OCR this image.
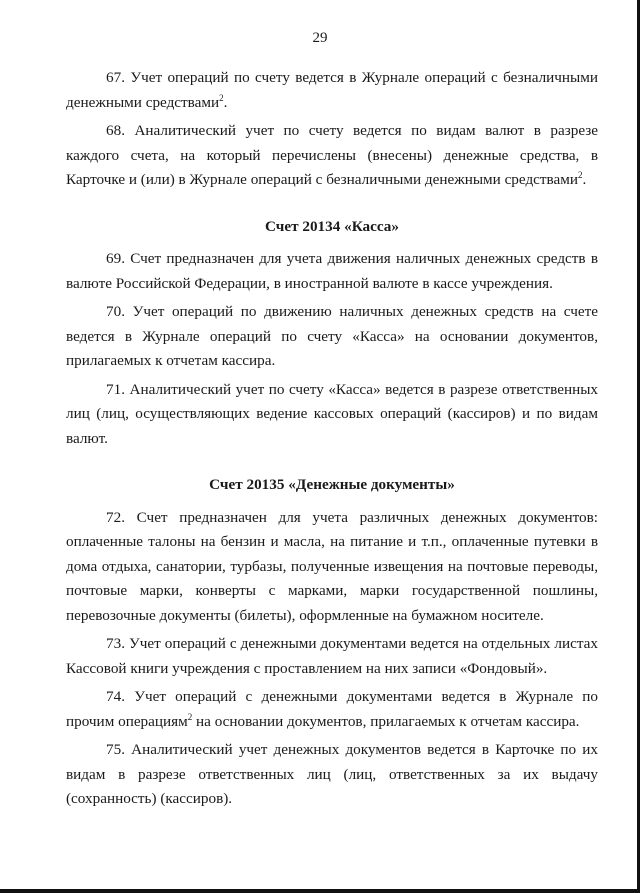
29

67. Учет операций по счету ведется в Журнале операций с безналичными денежными средствами$^2$.

68. Аналитический учет по счету ведется по видам валют в разрезе каждого счета, на который перечислены (внесены) денежные средства, в Карточке и (или) в Журнале операций с безналичными денежными средствами$^2$.

Счет 20134 «Касса»

69. Счет предназначен для учета движения наличных денежных средств в валюте Российской Федерации, в иностранной валюте в кассе учреждения.

70. Учет операций по движению наличных денежных средств на счете ведется в Журнале операций по счету «Касса» на основании документов, прилагаемых к отчетам кассира.

71. Аналитический учет по счету «Касса» ведется в разрезе ответственных лиц (лиц, осуществляющих ведение кассовых операций (кассиров) и по видам валют.

Счет 20135 «Денежные документы»

72. Счет предназначен для учета различных денежных документов: оплаченные талоны на бензин и масла, на питание и т.п., оплаченные путевки в дома отдыха, санатории, турбазы, полученные извещения на почтовые переводы, почтовые марки, конверты с марками, марки государственной пошлины, перевозочные документы (билеты), оформленные на бумажном носителе.

73. Учет операций с денежными документами ведется на отдельных листах Кассовой книги учреждения с проставлением на них записи «Фондовый».

74. Учет операций с денежными документами ведется в Журнале по прочим операциям$^2$ на основании документов, прилагаемых к отчетам кассира.

75. Аналитический учет денежных документов ведется в Карточке по их видам в разрезе ответственных лиц (лиц, ответственных за их выдачу (сохранность) (кассиров).
